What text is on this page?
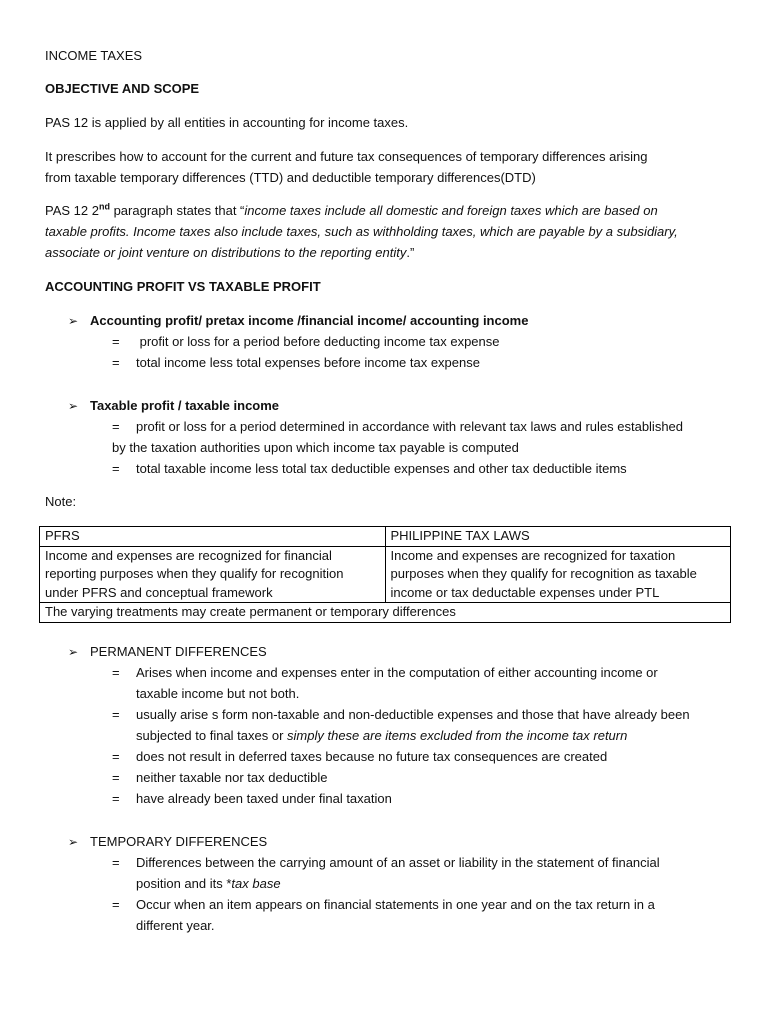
INCOME TAXES
OBJECTIVE AND SCOPE
PAS 12 is applied by all entities in accounting for income taxes.
It prescribes how to account for the current and future tax consequences of temporary differences arising
from taxable temporary differences (TTD) and deductible temporary differences(DTD)
PAS 12 2nd paragraph states that “income taxes include all domestic and foreign taxes which are based on
taxable profits. Income taxes also include taxes, such as withholding taxes, which are payable by a subsidiary,
associate or joint venture on distributions to the reporting entity.”
ACCOUNTING PROFIT VS TAXABLE PROFIT
➢ Accounting profit/ pretax income /financial income/ accounting income
= profit or loss for a period before deducting income tax expense
= total income less total expenses before income tax expense
➢ Taxable profit / taxable income
= profit or loss for a period determined in accordance with relevant tax laws and rules established
by the taxation authorities upon which income tax payable is computed
= total taxable income less total tax deductible expenses and other tax deductible items
Note:
PFRS	PHILIPPINE TAX LAWS
Income and expenses are recognized for financial reporting purposes when they qualify for recognition under PFRS and conceptual framework	Income and expenses are recognized for taxation purposes when they qualify for recognition as taxable income or tax deductable expenses under PTL
The varying treatments may create permanent or temporary differences	
➢ PERMANENT DIFFERENCES
= Arises when income and expenses enter in the computation of either accounting income or
taxable income but not both.
= usually arise s form non-taxable and non-deductible expenses and those that have already been
subjected to final taxes or simply these are items excluded from the income tax return
= does not result in deferred taxes because no future tax consequences are created
= neither taxable nor tax deductible
= have already been taxed under final taxation
➢ TEMPORARY DIFFERENCES
= Differences between the carrying amount of an asset or liability in the statement of financial
position and its *tax base
= Occur when an item appears on financial statements in one year and on the tax return in a
different year.
